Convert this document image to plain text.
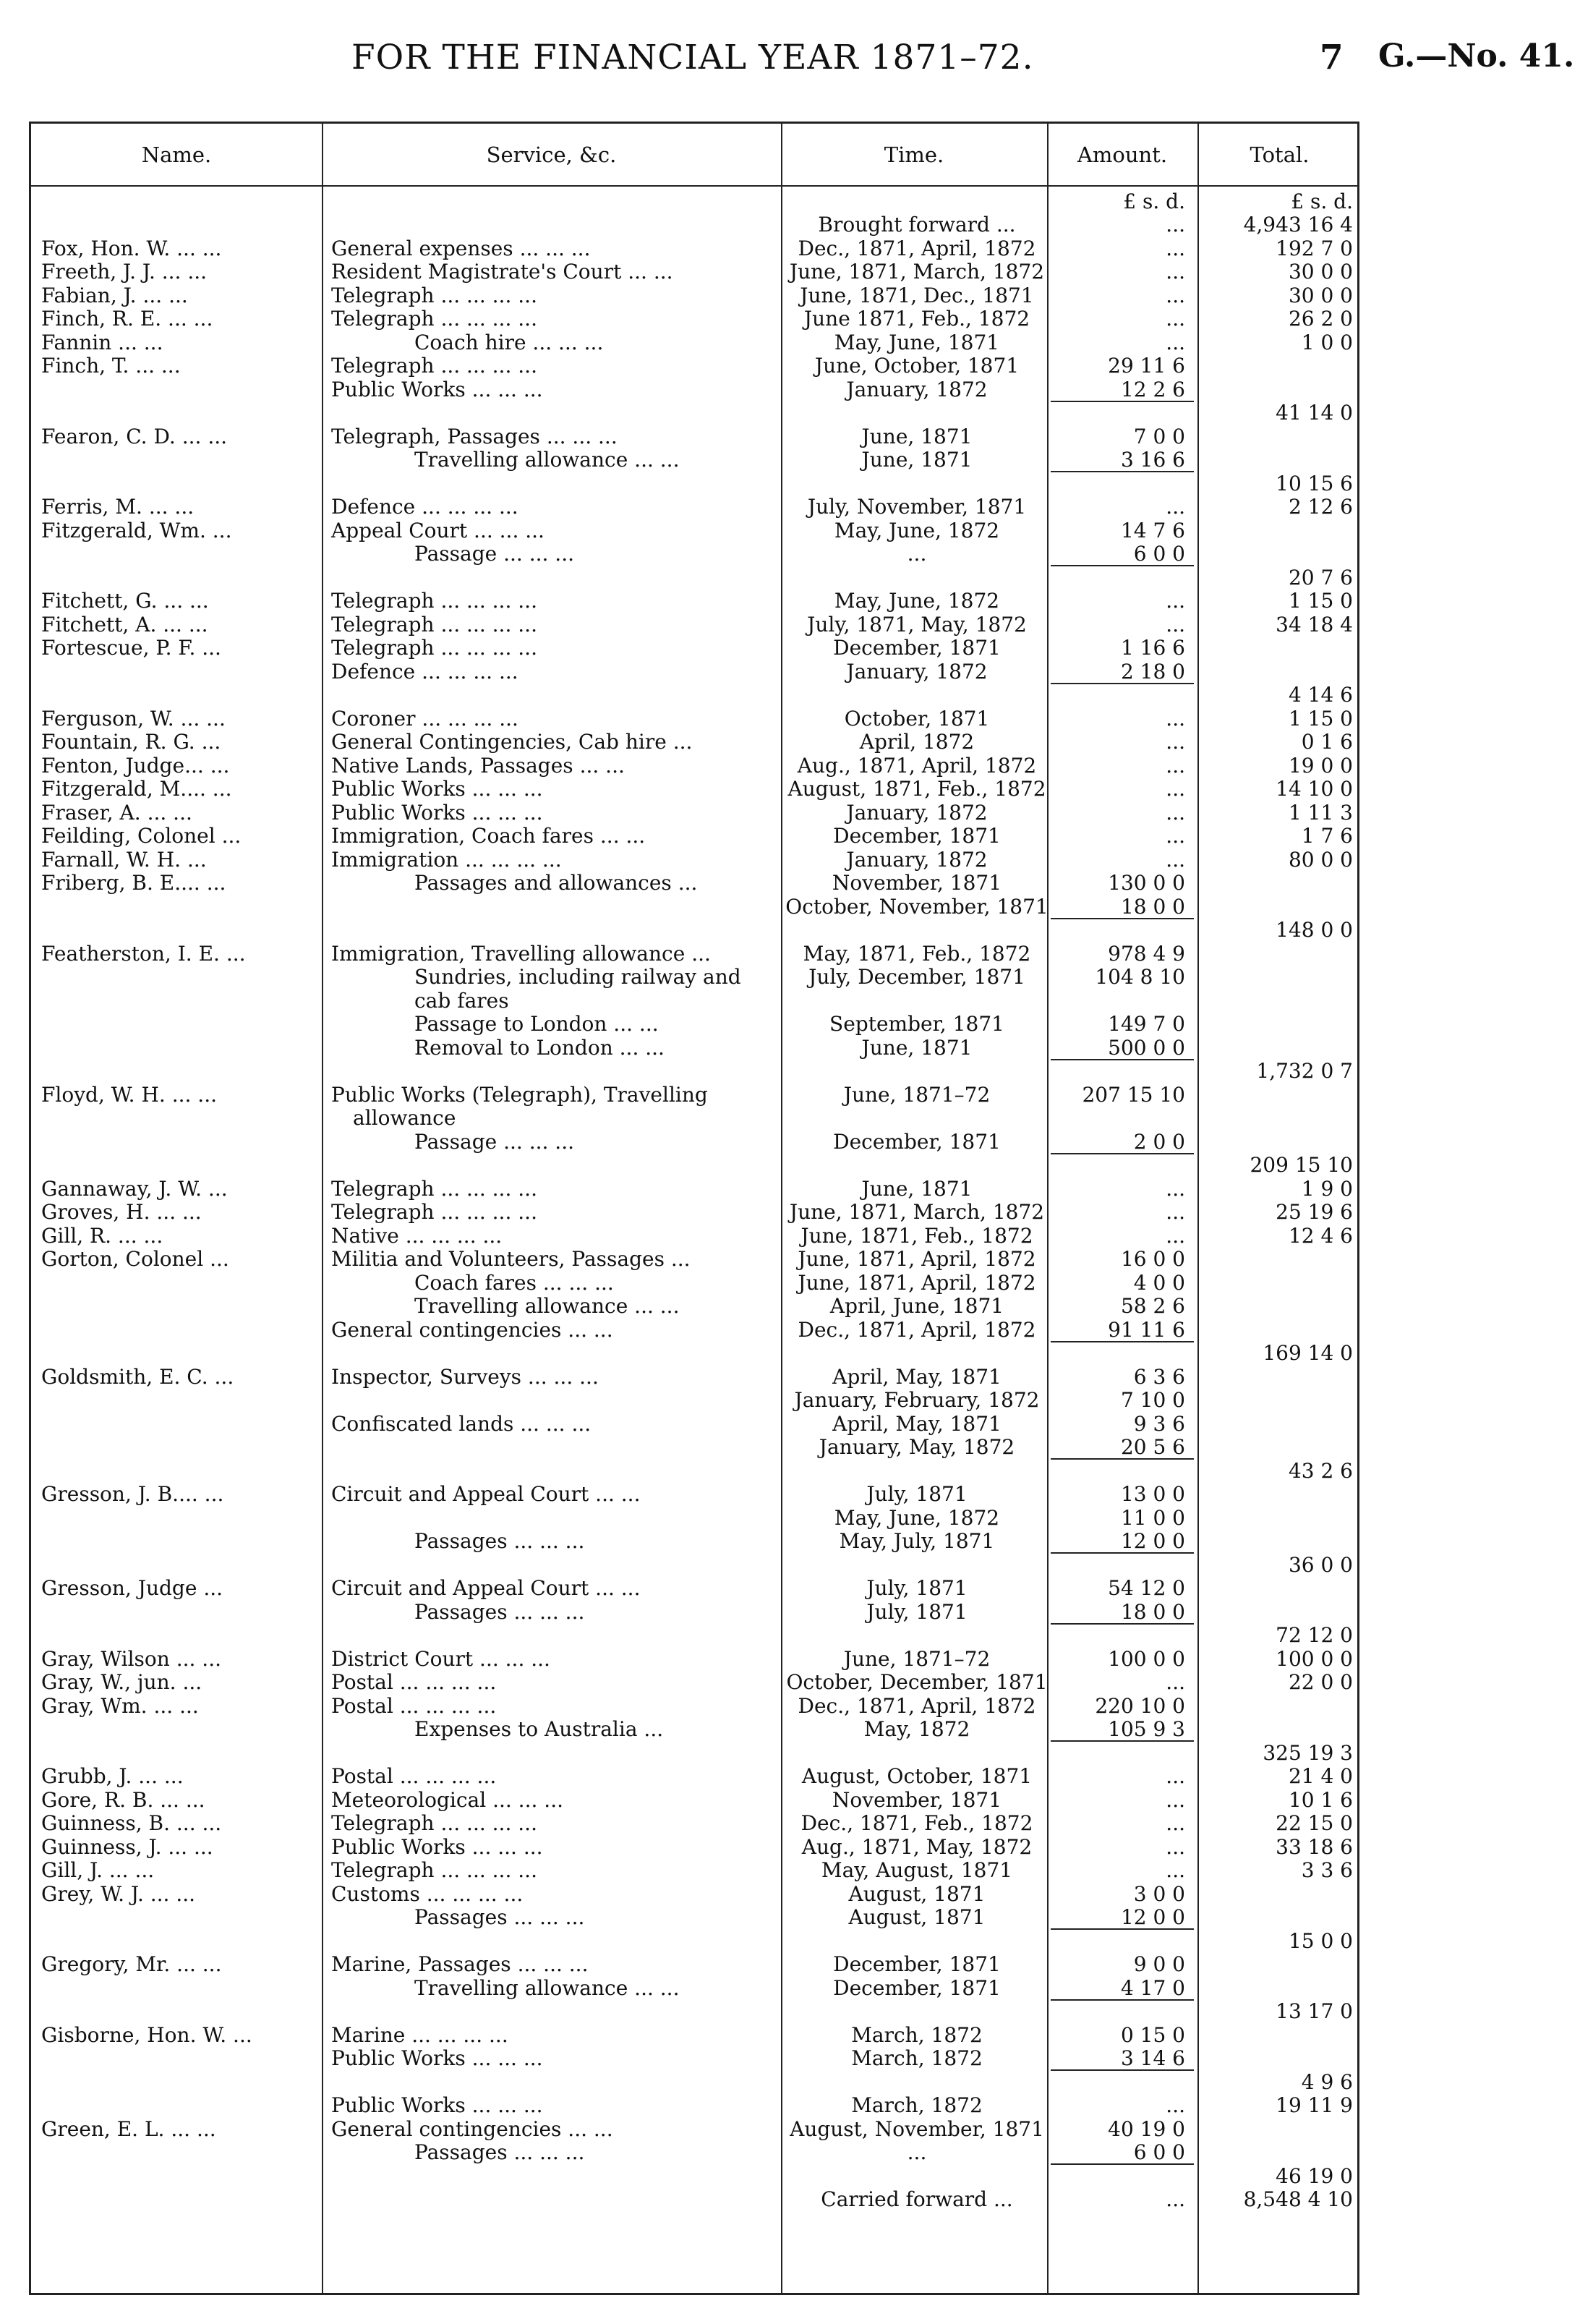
FOR THE FINANCIAL YEAR 1871–72.	7 G.—No. 41.
Name.	Service, &c.	Time.	Amount.	Total.
£ s. d.	£ s. d.
Brought forward ...	...	4,943 16 4
Fox, Hon. W. ... ...	General expenses ... ... ...	Dec., 1871, April, 1872	...	192 7 0
Freeth, J. J. ... ...	Resident Magistrate's Court ... ...	June, 1871, March, 1872	...	30 0 0
Fabian, J. ... ...	Telegraph ... ... ... ...	June, 1871, Dec., 1871	...	30 0 0
Finch, R. E. ... ...	Telegraph ... ... ... ...	June 1871, Feb., 1872	...	26 2 0
Fannin ... ...	Coach hire ... ... ...	May, June, 1871	...	1 0 0
Finch, T. ... ...	Telegraph ... ... ... ...	June, October, 1871	29 11 6
Public Works ... ... ...	January, 1872	12 2 6
41 14 0
Fearon, C. D. ... ...	Telegraph, Passages ... ... ...	June, 1871	7 0 0
Travelling allowance ... ...	June, 1871	3 16 6
10 15 6
Ferris, M. ... ...	Defence ... ... ... ...	July, November, 1871	...	2 12 6
Fitzgerald, Wm. ...	Appeal Court ... ... ...	May, June, 1872	14 7 6
Passage ... ... ...	...	6 0 0
20 7 6
Fitchett, G. ... ...	Telegraph ... ... ... ...	May, June, 1872	...	1 15 0
Fitchett, A. ... ...	Telegraph ... ... ... ...	July, 1871, May, 1872	...	34 18 4
Fortescue, P. F. ...	Telegraph ... ... ... ...	December, 1871	1 16 6
Defence ... ... ... ...	January, 1872	2 18 0
4 14 6
Ferguson, W. ... ...	Coroner ... ... ... ...	October, 1871	...	1 15 0
Fountain, R. G. ...	General Contingencies, Cab hire ...	April, 1872	...	0 1 6
Fenton, Judge... ...	Native Lands, Passages ... ...	Aug., 1871, April, 1872	...	19 0 0
Fitzgerald, M.... ...	Public Works ... ... ...	August, 1871, Feb., 1872	...	14 10 0
Fraser, A. ... ...	Public Works ... ... ...	January, 1872	...	1 11 3
Feilding, Colonel ...	Immigration, Coach fares ... ...	December, 1871	...	1 7 6
Farnall, W. H. ...	Immigration ... ... ... ...	January, 1872	...	80 0 0
Friberg, B. E.... ...	Passages and allowances ...	November, 1871	130 0 0
October, November, 1871	18 0 0
148 0 0
Featherston, I. E. ...	Immigration, Travelling allowance ...	May, 1871, Feb., 1872	978 4 9
Sundries, including railway and	July, December, 1871	104 8 10
cab fares
Passage to London ... ...	September, 1871	149 7 0
Removal to London ... ...	June, 1871	500 0 0
1,732 0 7
Floyd, W. H. ... ...	Public Works (Telegraph), Travelling	June, 1871–72	207 15 10
allowance
Passage ... ... ...	December, 1871	2 0 0
209 15 10
Gannaway, J. W. ...	Telegraph ... ... ... ...	June, 1871	...	1 9 0
Groves, H. ... ...	Telegraph ... ... ... ...	June, 1871, March, 1872	...	25 19 6
Gill, R. ... ...	Native ... ... ... ...	June, 1871, Feb., 1872	...	12 4 6
Gorton, Colonel ...	Militia and Volunteers, Passages ...	June, 1871, April, 1872	16 0 0
Coach fares ... ... ...	June, 1871, April, 1872	4 0 0
Travelling allowance ... ...	April, June, 1871	58 2 6
General contingencies ... ...	Dec., 1871, April, 1872	91 11 6
169 14 0
Goldsmith, E. C. ...	Inspector, Surveys ... ... ...	April, May, 1871	6 3 6
January, February, 1872	7 10 0
Confiscated lands ... ... ...	April, May, 1871	9 3 6
January, May, 1872	20 5 6
43 2 6
Gresson, J. B.... ...	Circuit and Appeal Court ... ...	July, 1871	13 0 0
May, June, 1872	11 0 0
Passages ... ... ...	May, July, 1871	12 0 0
36 0 0
Gresson, Judge ...	Circuit and Appeal Court ... ...	July, 1871	54 12 0
Passages ... ... ...	July, 1871	18 0 0
72 12 0
Gray, Wilson ... ...	District Court ... ... ...	June, 1871–72	100 0 0	100 0 0
Gray, W., jun. ...	Postal ... ... ... ...	October, December, 1871	...	22 0 0
Gray, Wm. ... ...	Postal ... ... ... ...	Dec., 1871, April, 1872	220 10 0
Expenses to Australia ...	May, 1872	105 9 3
325 19 3
Grubb, J. ... ...	Postal ... ... ... ...	August, October, 1871	...	21 4 0
Gore, R. B. ... ...	Meteorological ... ... ...	November, 1871	...	10 1 6
Guinness, B. ... ...	Telegraph ... ... ... ...	Dec., 1871, Feb., 1872	...	22 15 0
Guinness, J. ... ...	Public Works ... ... ...	Aug., 1871, May, 1872	...	33 18 6
Gill, J. ... ...	Telegraph ... ... ... ...	May, August, 1871	...	3 3 6
Grey, W. J. ... ...	Customs ... ... ... ...	August, 1871	3 0 0
Passages ... ... ...	August, 1871	12 0 0
15 0 0
Gregory, Mr. ... ...	Marine, Passages ... ... ...	December, 1871	9 0 0
Travelling allowance ... ...	December, 1871	4 17 0
13 17 0
Gisborne, Hon. W. ...	Marine ... ... ... ...	March, 1872	0 15 0
Public Works ... ... ...	March, 1872	3 14 6
4 9 6
Public Works ... ... ...	March, 1872	...	19 11 9
Green, E. L. ... ...	General contingencies ... ...	August, November, 1871	40 19 0
Passages ... ... ...	...	6 0 0
46 19 0
Carried forward ...	...	8,548 4 10
